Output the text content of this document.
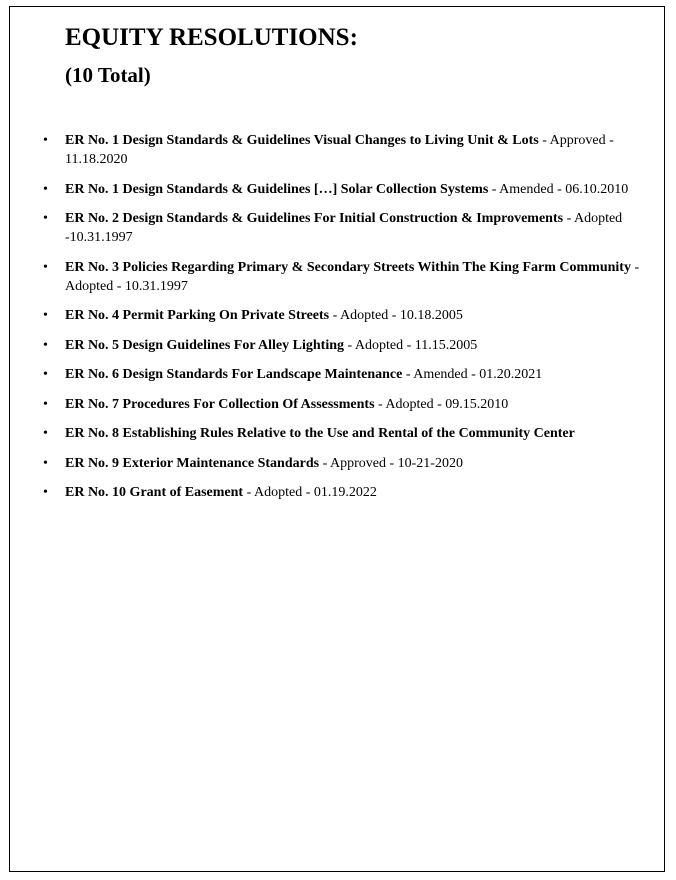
EQUITY RESOLUTIONS:
(10 Total)
• ER No. 1 Design Standards & Guidelines Visual Changes to Living Unit & Lots - Approved - 11.18.2020
• ER No. 1 Design Standards & Guidelines […] Solar Collection Systems - Amended - 06.10.2010
• ER No. 2 Design Standards & Guidelines For Initial Construction & Improvements - Adopted -10.31.1997
• ER No. 3 Policies Regarding Primary & Secondary Streets Within The King Farm Community - Adopted - 10.31.1997
• ER No. 4 Permit Parking On Private Streets - Adopted - 10.18.2005
• ER No. 5 Design Guidelines For Alley Lighting - Adopted - 11.15.2005
• ER No. 6 Design Standards For Landscape Maintenance - Amended - 01.20.2021
• ER No. 7 Procedures For Collection Of Assessments - Adopted - 09.15.2010
• ER No. 8 Establishing Rules Relative to the Use and Rental of the Community Center
• ER No. 9 Exterior Maintenance Standards - Approved - 10-21-2020
• ER No. 10 Grant of Easement - Adopted - 01.19.2022
